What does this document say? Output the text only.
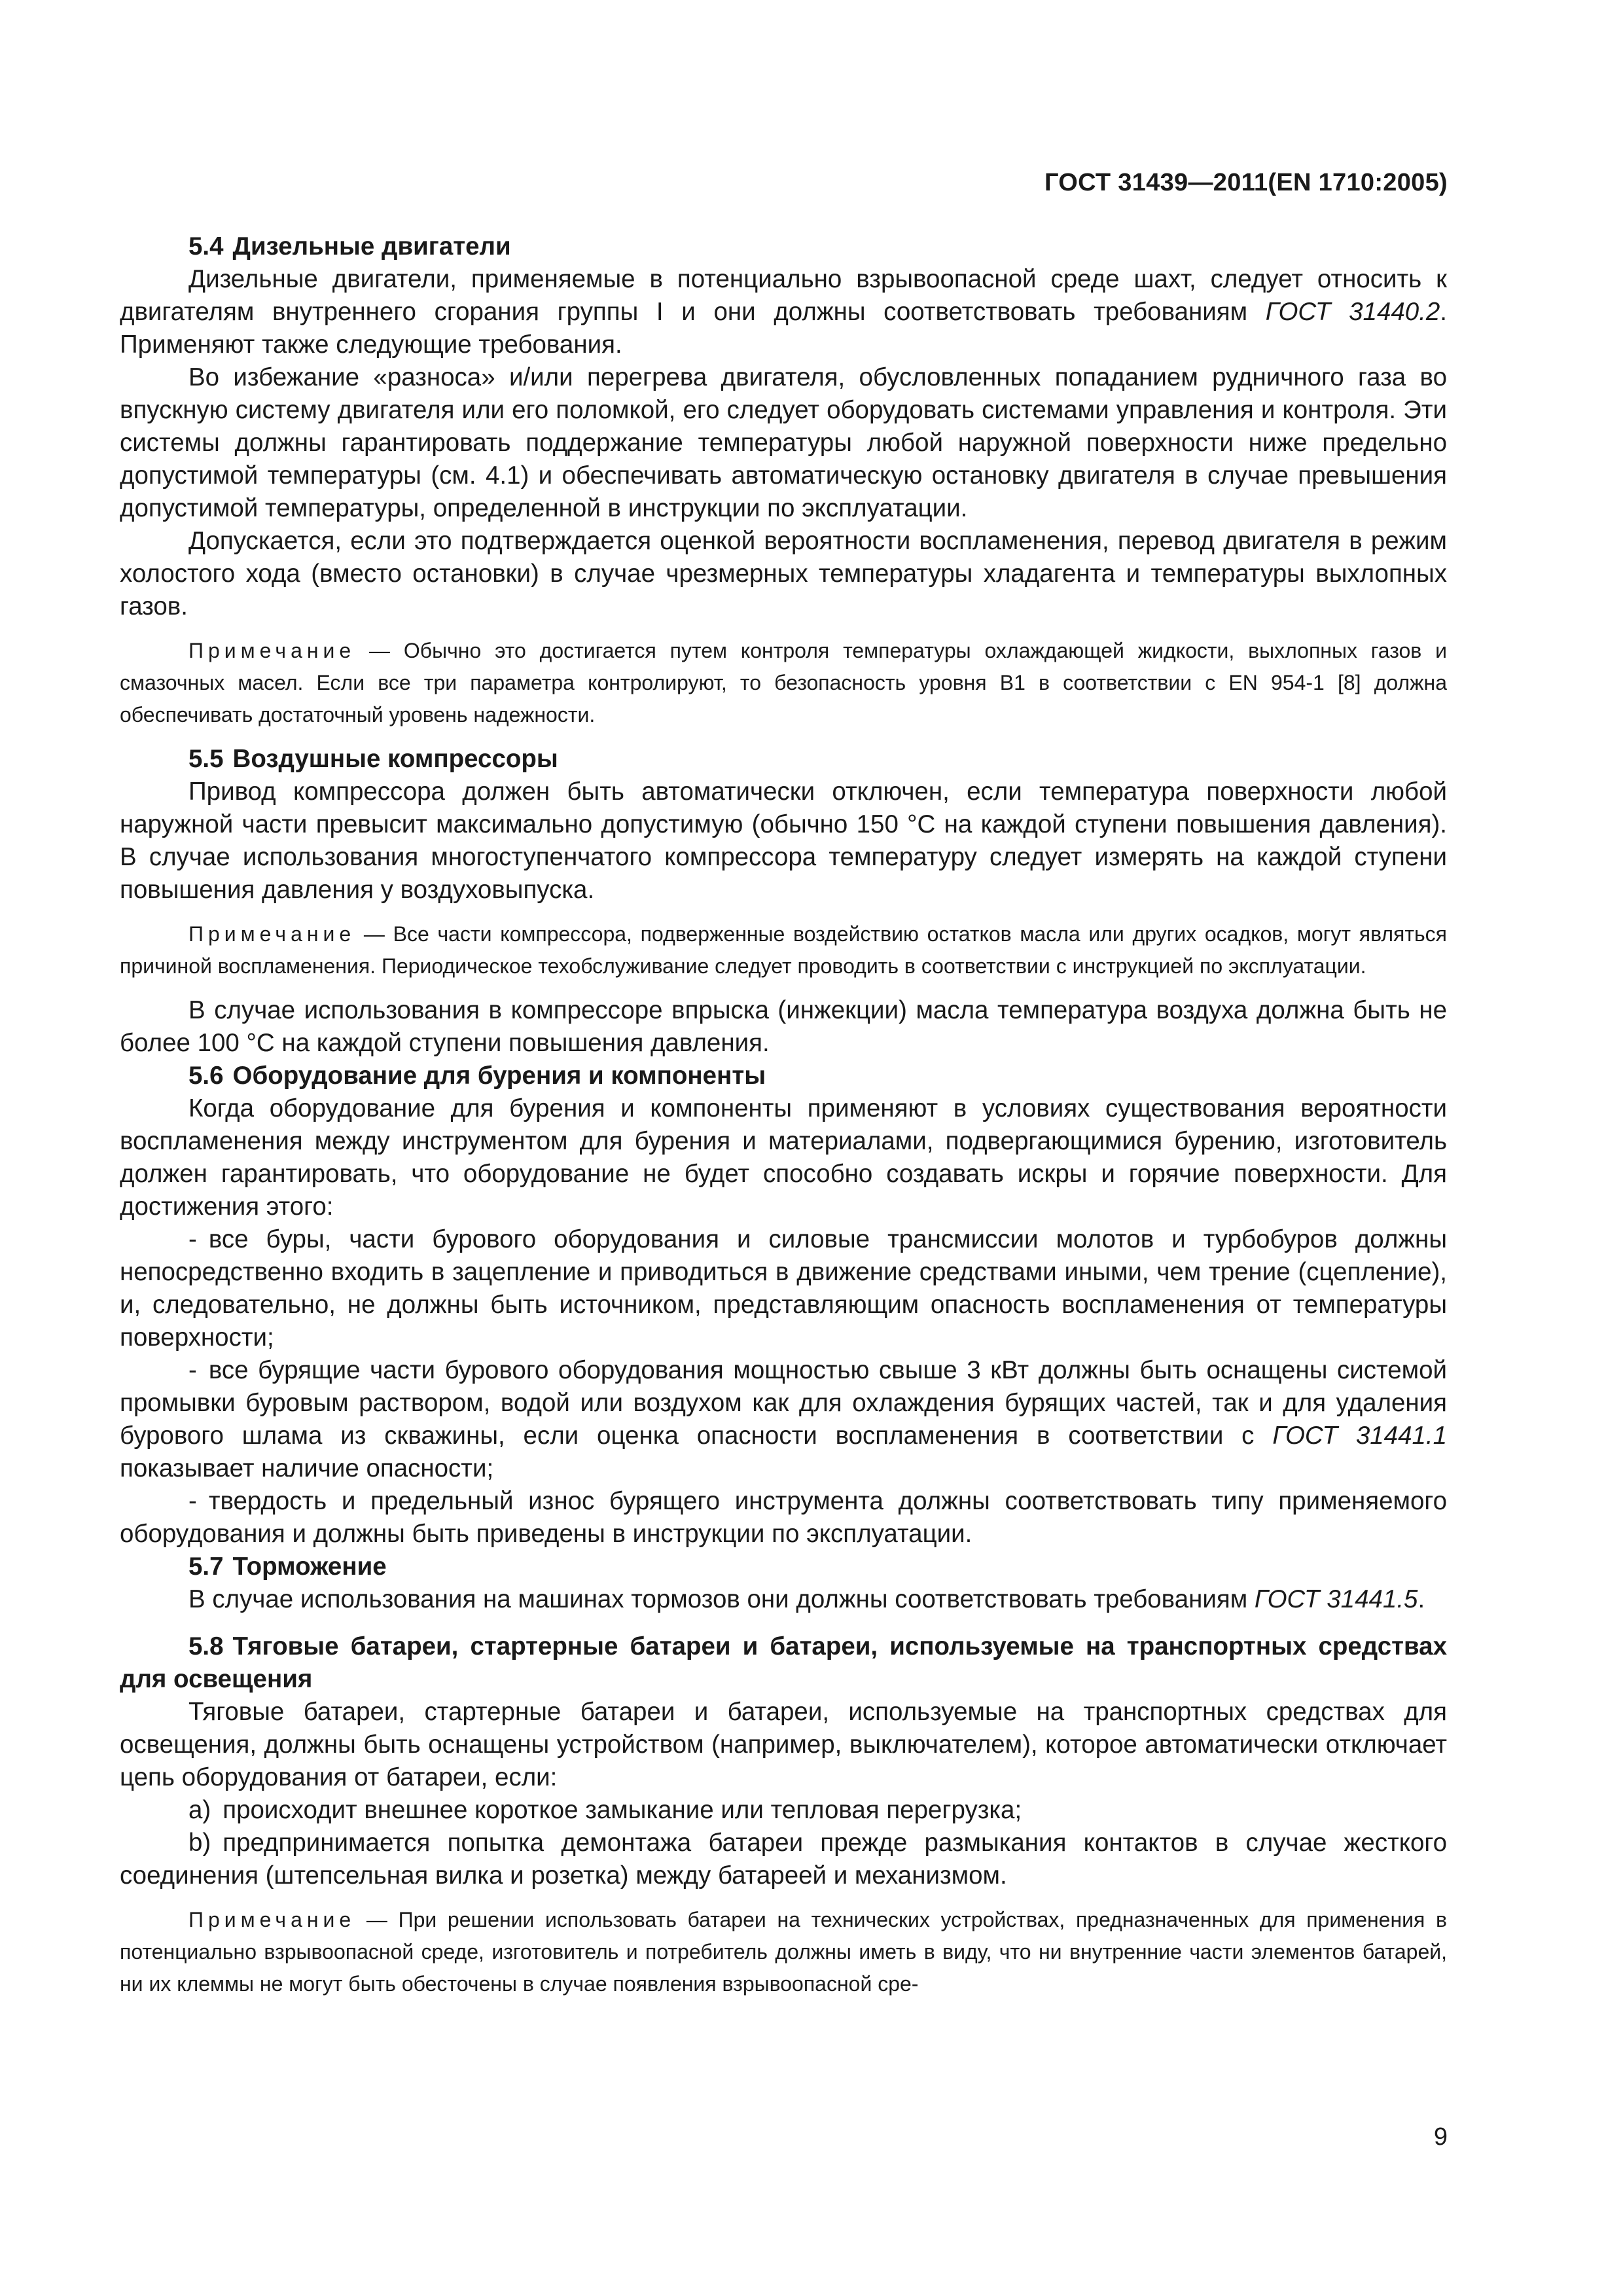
ГОСТ 31439—2011(EN 1710:2005)
5.4 Дизельные двигатели

Дизельные двигатели, применяемые в потенциально взрывоопасной среде шахт, следует относить к двигателям внутреннего сгорания группы I и они должны соответствовать требованиям ГОСТ 31440.2. Применяют также следующие требования.

Во избежание «разноса» и/или перегрева двигателя, обусловленных попаданием рудничного газа во впускную систему двигателя или его поломкой, его следует оборудовать системами управления и контроля. Эти системы должны гарантировать поддержание температуры любой наружной поверхности ниже предельно допустимой температуры (см. 4.1) и обеспечивать автоматическую остановку двигателя в случае превышения допустимой температуры, определенной в инструкции по эксплуатации.

Допускается, если это подтверждается оценкой вероятности воспламенения, перевод двигателя в режим холостого хода (вместо остановки) в случае чрезмерных температуры хладагента и температуры выхлопных газов.

Примечание — Обычно это достигается путем контроля температуры охлаждающей жидкости, выхлопных газов и смазочных масел. Если все три параметра контролируют, то безопасность уровня В1 в соответствии с EN 954-1 [8] должна обеспечивать достаточный уровень надежности.

5.5 Воздушные компрессоры

Привод компрессора должен быть автоматически отключен, если температура поверхности любой наружной части превысит максимально допустимую (обычно 150 °С на каждой ступени повышения давления). В случае использования многоступенчатого компрессора температуру следует измерять на каждой ступени повышения давления у воздуховыпуска.

Примечание — Все части компрессора, подверженные воздействию остатков масла или других осадков, могут являться причиной воспламенения. Периодическое техобслуживание следует проводить в соответствии с инструкцией по эксплуатации.

В случае использования в компрессоре впрыска (инжекции) масла температура воздуха должна быть не более 100 °С на каждой ступени повышения давления.

5.6 Оборудование для бурения и компоненты

Когда оборудование для бурения и компоненты применяют в условиях существования вероятности воспламенения между инструментом для бурения и материалами, подвергающимися бурению, изготовитель должен гарантировать, что оборудование не будет способно создавать искры и горячие поверхности. Для достижения этого:

- все буры, части бурового оборудования и силовые трансмиссии молотов и турбобуров должны непосредственно входить в зацепление и приводиться в движение средствами иными, чем трение (сцепление), и, следовательно, не должны быть источником, представляющим опасность воспламенения от температуры поверхности;

- все бурящие части бурового оборудования мощностью свыше 3 кВт должны быть оснащены системой промывки буровым раствором, водой или воздухом как для охлаждения бурящих частей, так и для удаления бурового шлама из скважины, если оценка опасности воспламенения в соответствии с ГОСТ 31441.1 показывает наличие опасности;

- твердость и предельный износ бурящего инструмента должны соответствовать типу применяемого оборудования и должны быть приведены в инструкции по эксплуатации.

5.7 Торможение

В случае использования на машинах тормозов они должны соответствовать требованиям ГОСТ 31441.5.

5.8 Тяговые батареи, стартерные батареи и батареи, используемые на транспортных средствах для освещения

Тяговые батареи, стартерные батареи и батареи, используемые на транспортных средствах для освещения, должны быть оснащены устройством (например, выключателем), которое автоматически отключает цепь оборудования от батареи, если:

a) происходит внешнее короткое замыкание или тепловая перегрузка;

b) предпринимается попытка демонтажа батареи прежде размыкания контактов в случае жесткого соединения (штепсельная вилка и розетка) между батареей и механизмом.

Примечание — При решении использовать батареи на технических устройствах, предназначенных для применения в потенциально взрывоопасной среде, изготовитель и потребитель должны иметь в виду, что ни внутренние части элементов батарей, ни их клеммы не могут быть обесточены в случае появления взрывоопасной сре-

9
